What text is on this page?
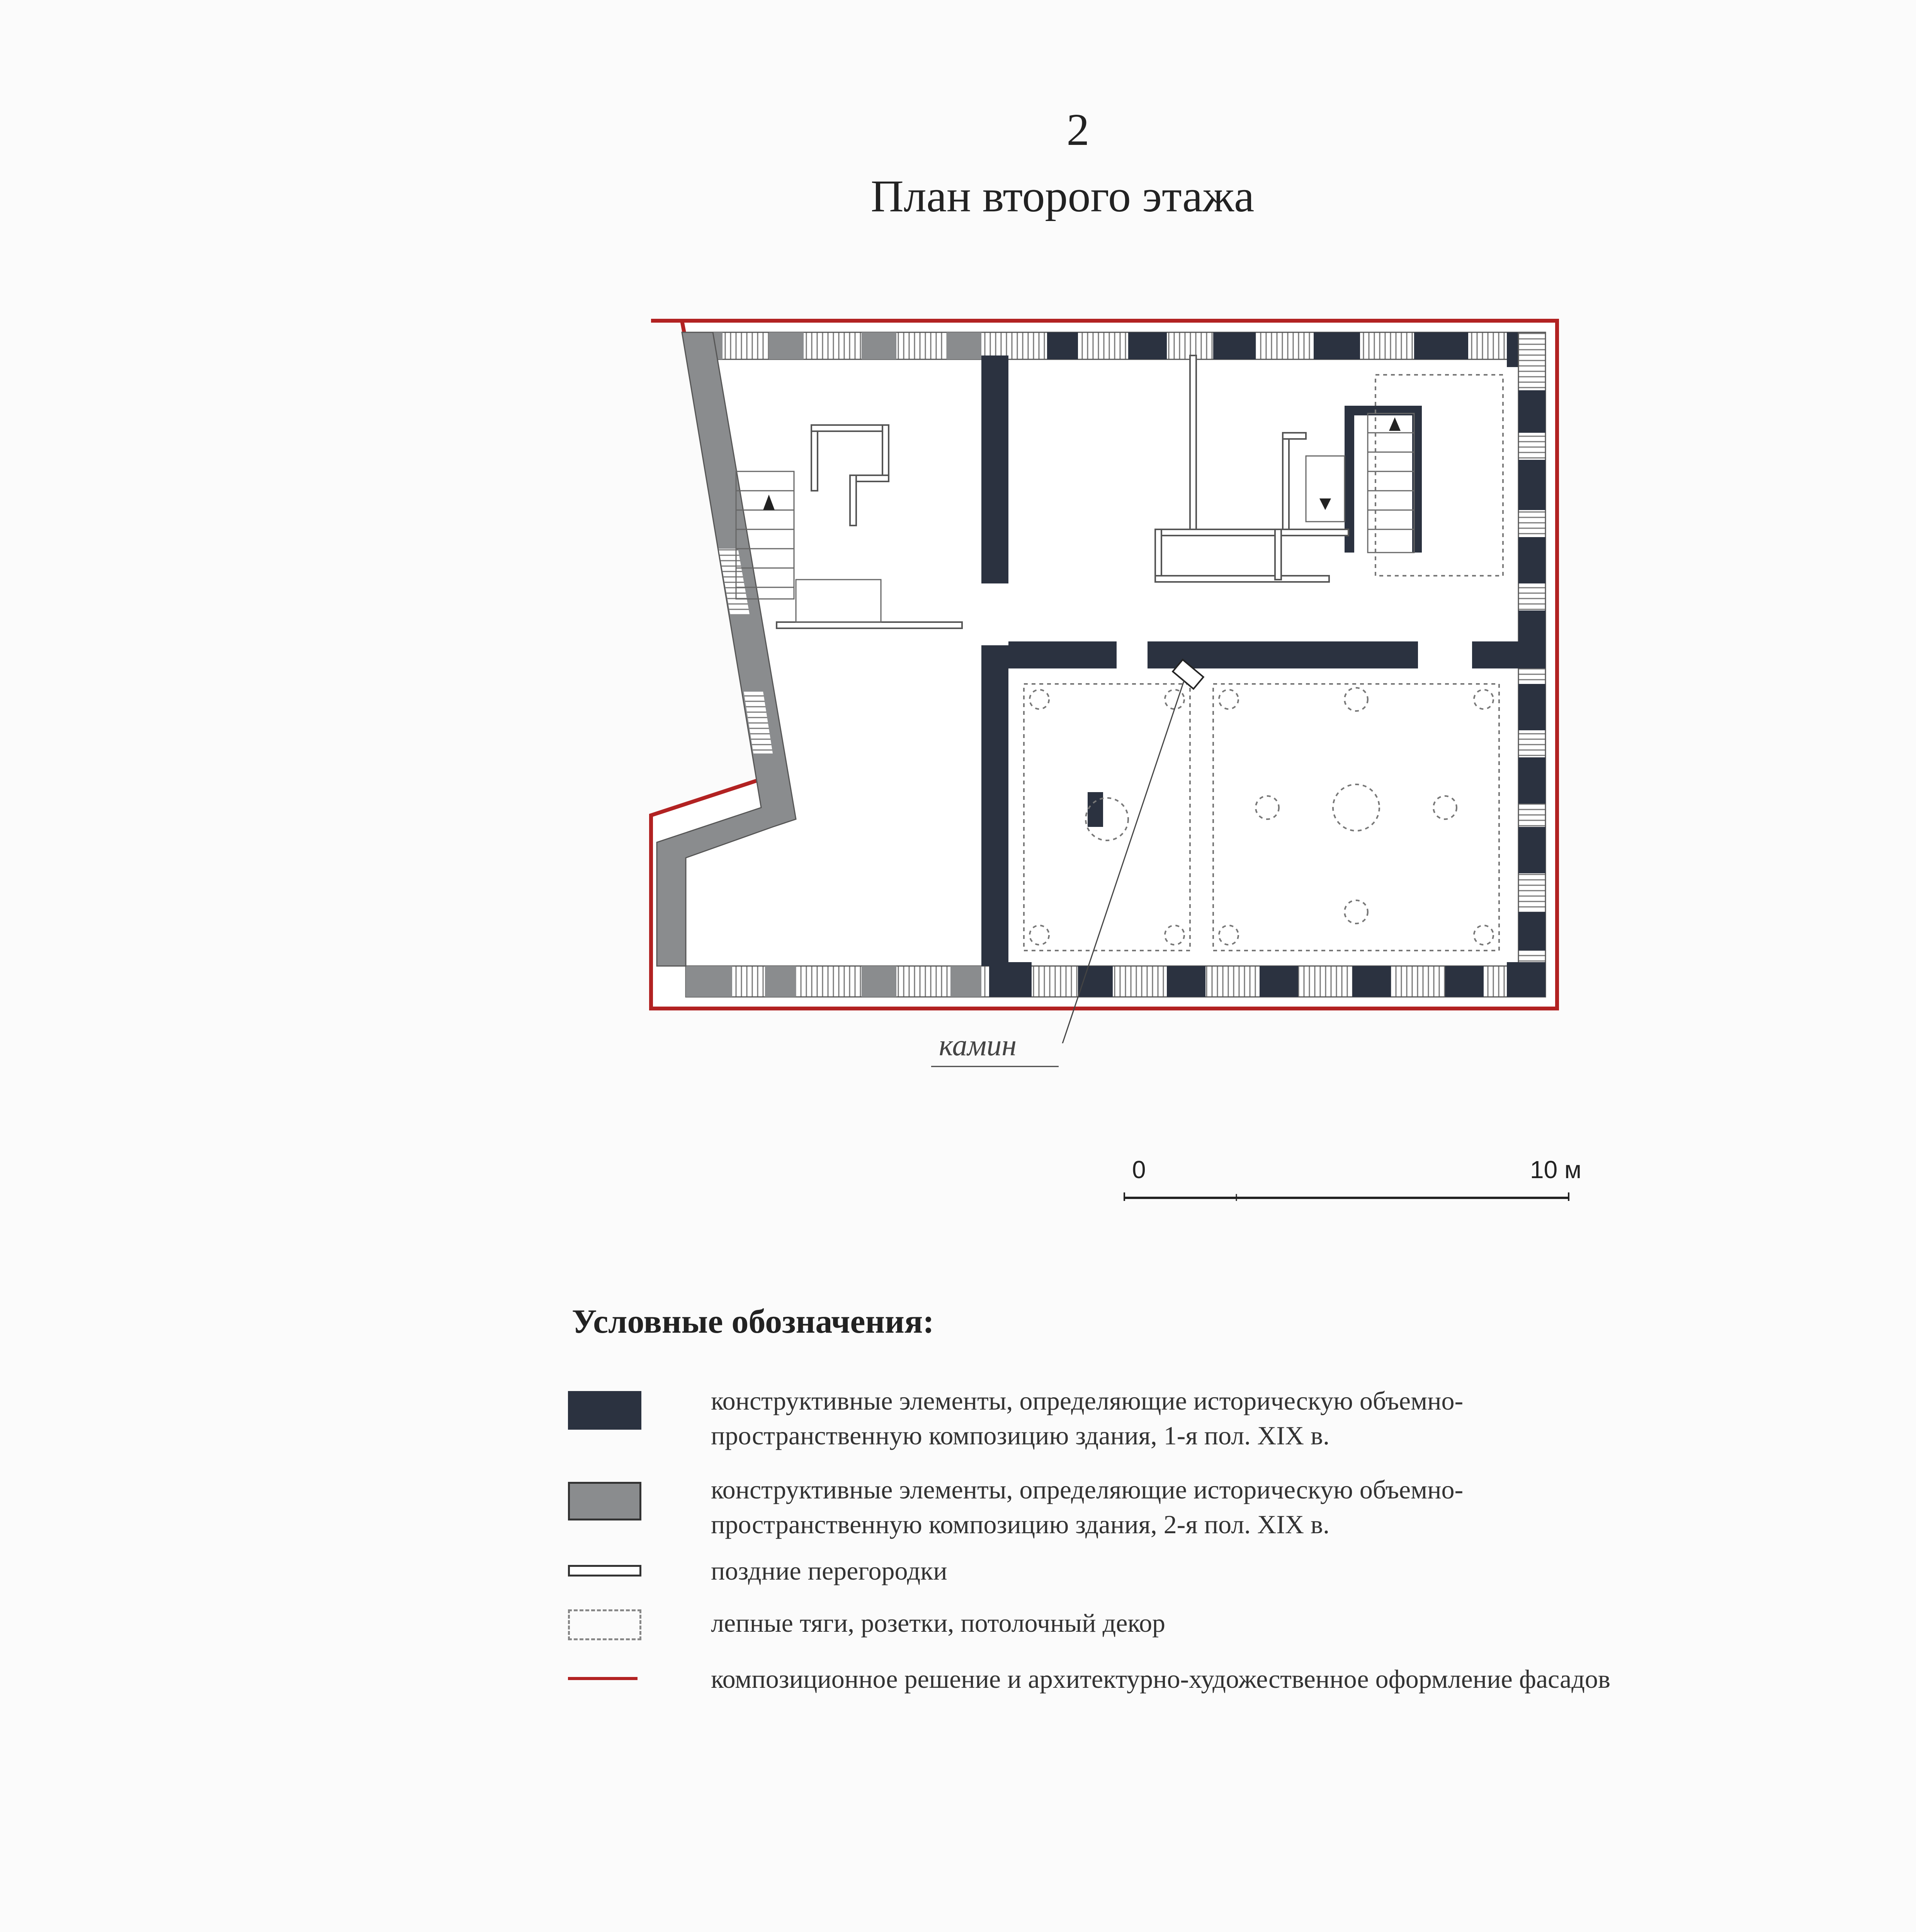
2
План второго этажа
камин
0	10 м
Условные обозначения:
конструктивные элементы, определяющие историческую объемно-пространственную композицию здания, 1-я пол. XIX в.
конструктивные элементы, определяющие историческую объемно-пространственную композицию здания, 2-я пол. XIX в.
поздние перегородки
лепные тяги, розетки, потолочный декор
композиционное решение и архитектурно-художественное оформление фасадов
